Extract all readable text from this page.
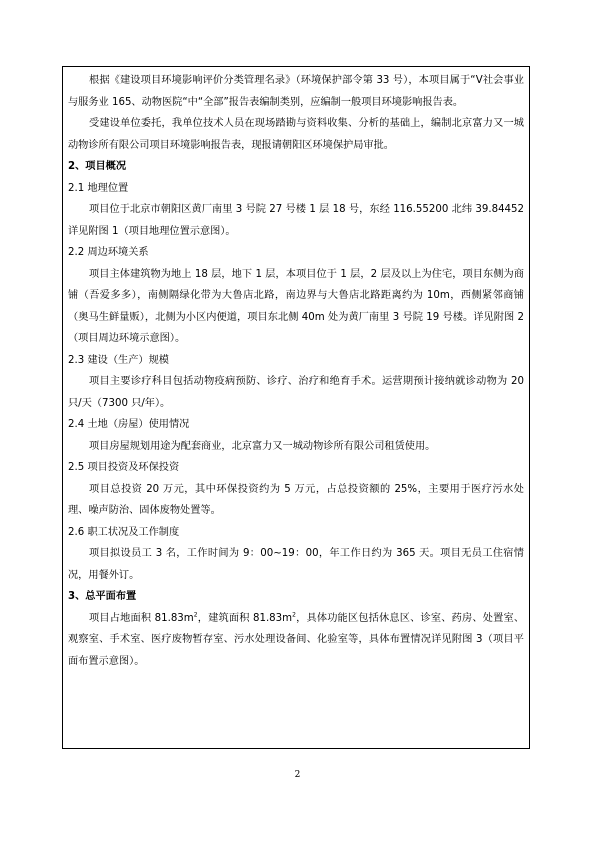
根据《建设项目环境影响评价分类管理名录》（环境保护部令第 33 号），本项目属于“Ⅴ社会事业与服务业 165、动物医院“中“全部”报告表编制类别，应编制一般项目环境影响报告表。

受建设单位委托，我单位技术人员在现场踏勘与资料收集、分析的基础上，编制北京富力又一城动物诊所有限公司项目环境影响报告表，现报请朝阳区环境保护局审批。

2、项目概况

2.1 地理位置

项目位于北京市朝阳区黄厂南里 3 号院 27 号楼 1 层 18 号，东经 116.55200 北纬 39.84452 详见附图 1（项目地理位置示意图）。

2.2 周边环境关系

项目主体建筑物为地上 18 层，地下 1 层，本项目位于 1 层，2 层及以上为住宅，项目东侧为商铺（吾爱多多），南侧隔绿化带为大鲁店北路，南边界与大鲁店北路距离约为 10m，西侧紧邻商铺（奥马生鲜量贩），北侧为小区内便道，项目东北侧 40m 处为黄厂南里 3 号院 19 号楼。详见附图 2（项目周边环境示意图）。

2.3 建设（生产）规模

项目主要诊疗科目包括动物疫病预防、诊疗、治疗和绝育手术。运营期预计接纳就诊动物为 20 只/天（7300 只/年）。

2.4 土地（房屋）使用情况

项目房屋规划用途为配套商业，北京富力又一城动物诊所有限公司租赁使用。

2.5 项目投资及环保投资

项目总投资 20 万元，其中环保投资约为 5 万元，占总投资额的 25%，主要用于医疗污水处理、噪声防治、固体废物处置等。

2.6 职工状况及工作制度

项目拟设员工 3 名，工作时间为 9：00~19：00，年工作日约为 365 天。项目无员工住宿情况，用餐外订。

3、总平面布置

项目占地面积 $81.83m^2$，建筑面积 $81.83m^2$，具体功能区包括休息区、诊室、药房、处置室、观察室、手术室、医疗废物暂存室、污水处理设备间、化验室等，具体布置情况详见附图 3（项目平面布置示意图）。

2
